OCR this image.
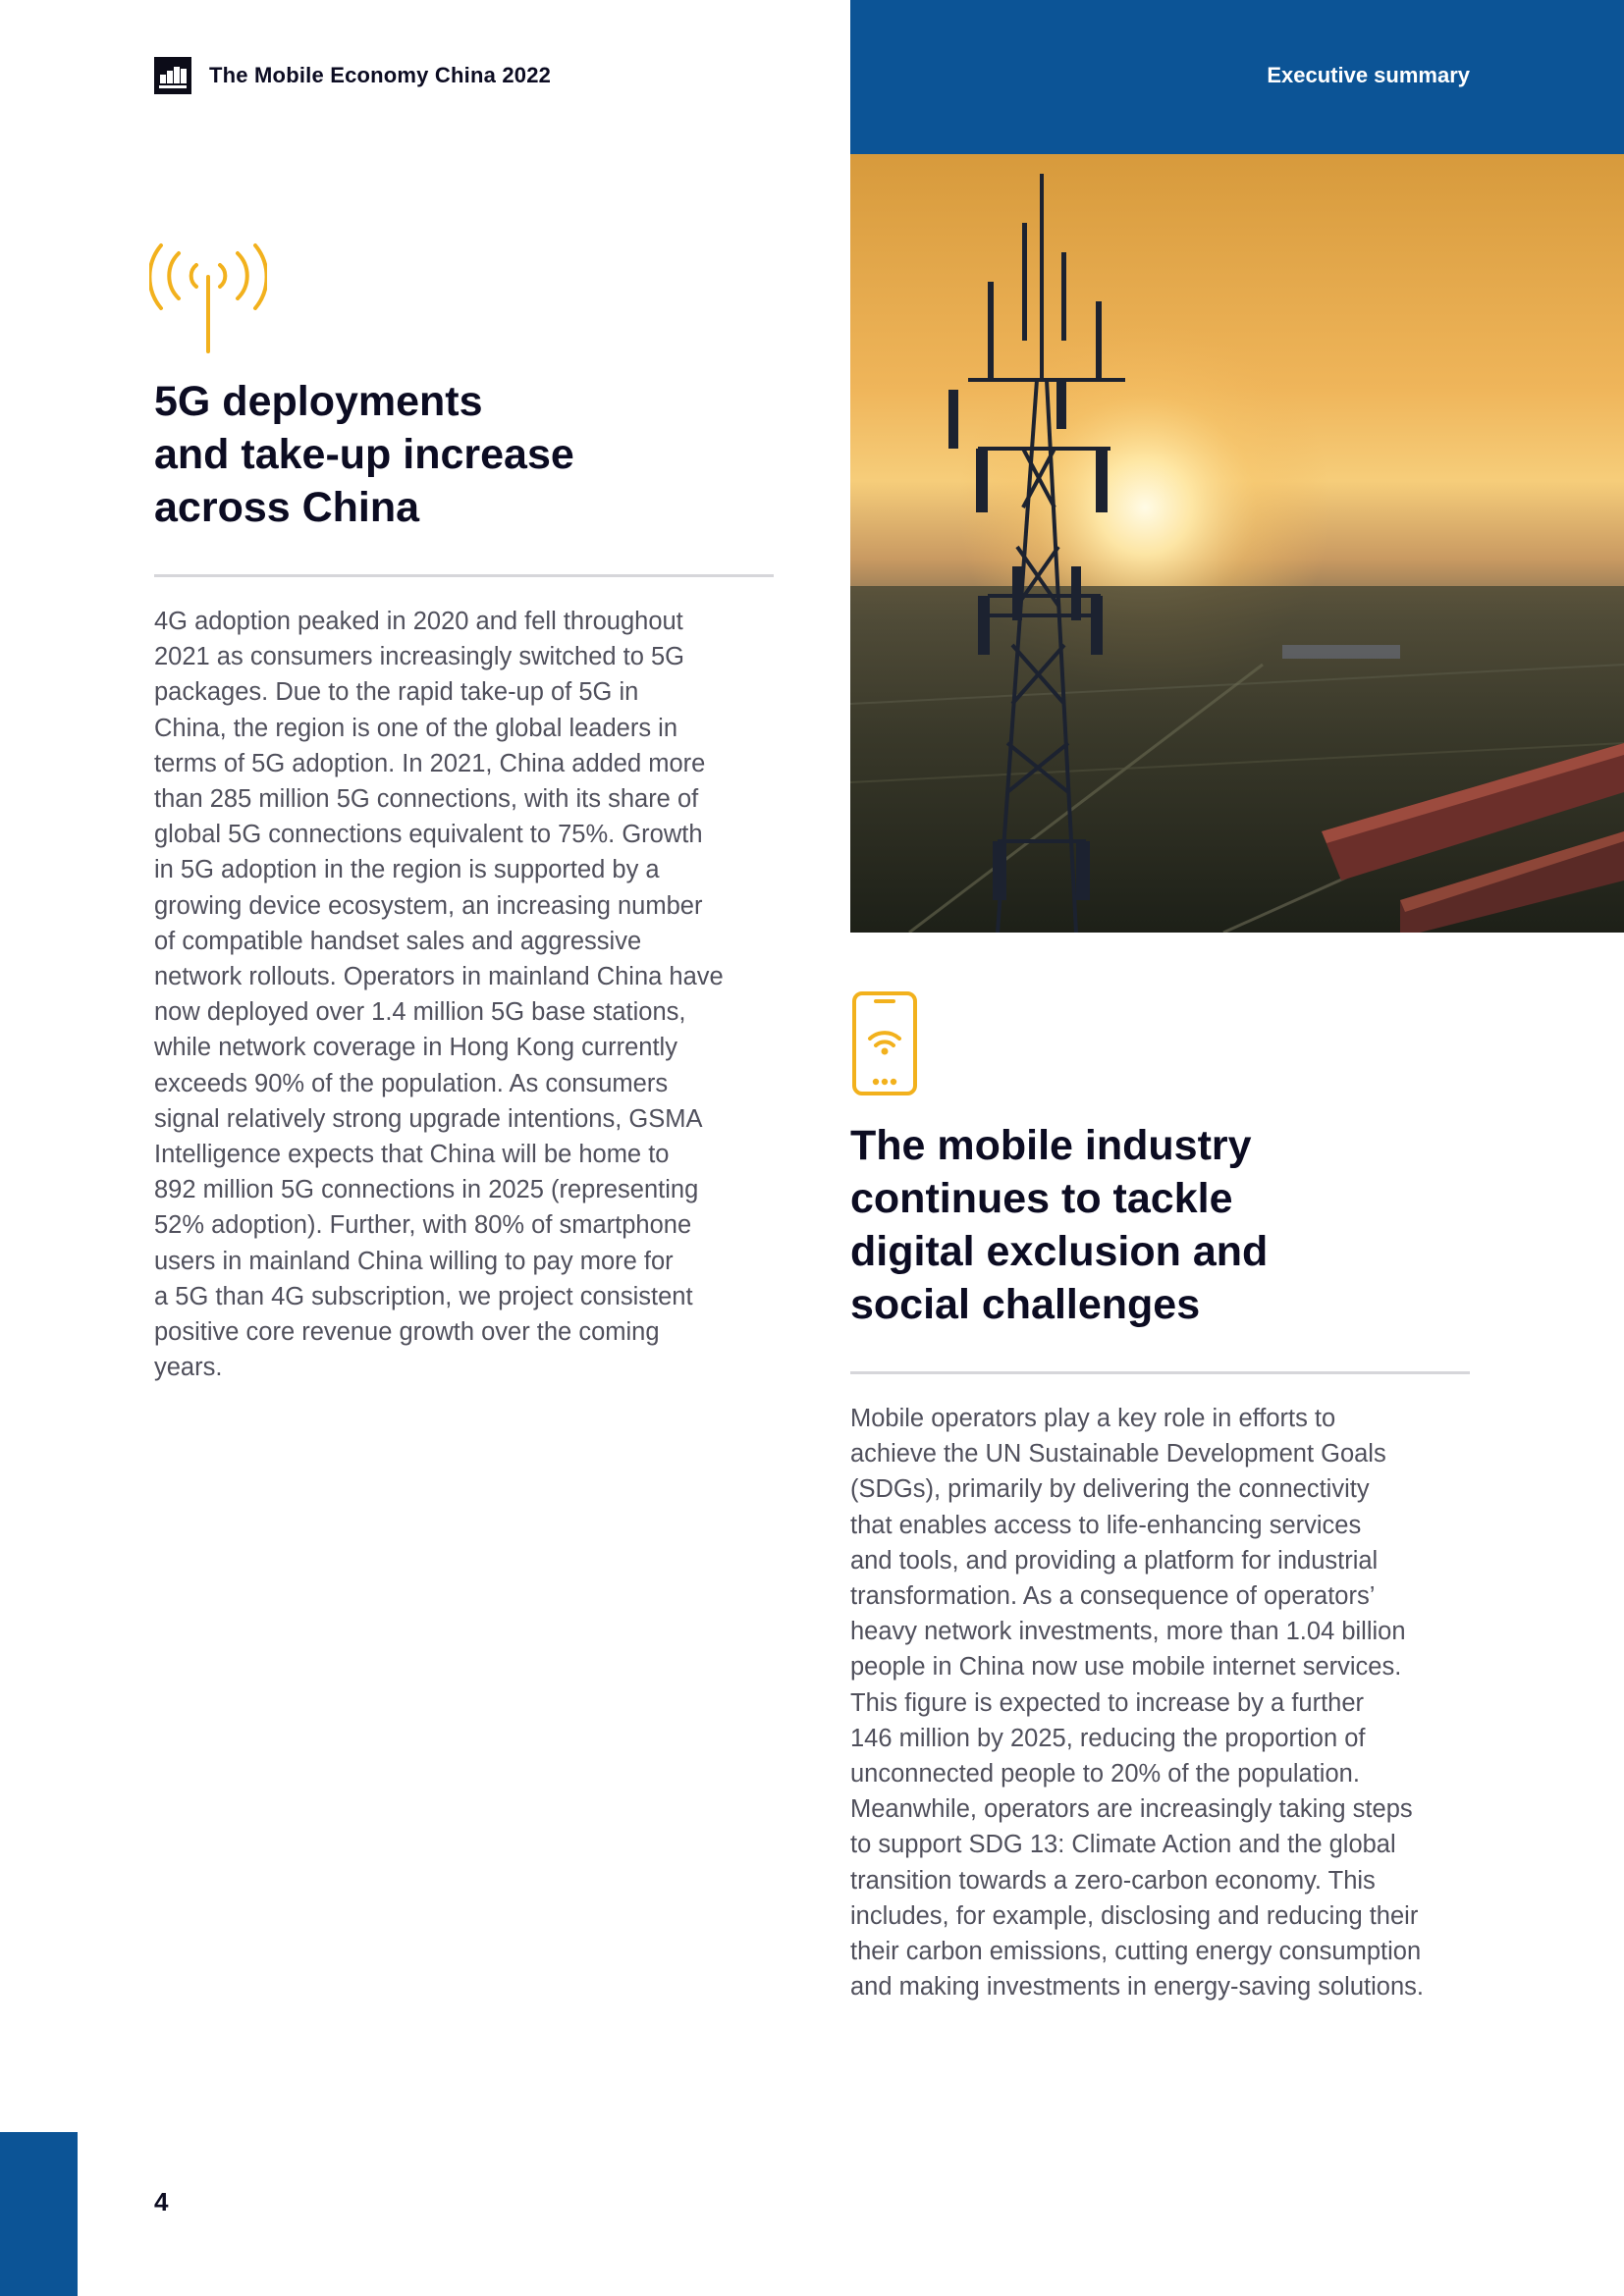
The Mobile Economy China 2022	Executive summary
5G deployments
and take-up increase
across China

4G adoption peaked in 2020 and fell throughout
2021 as consumers increasingly switched to 5G
packages. Due to the rapid take-up of 5G in
China, the region is one of the global leaders in
terms of 5G adoption. In 2021, China added more
than 285 million 5G connections, with its share of
global 5G connections equivalent to 75%. Growth
in 5G adoption in the region is supported by a
growing device ecosystem, an increasing number
of compatible handset sales and aggressive
network rollouts. Operators in mainland China have
now deployed over 1.4 million 5G base stations,
while network coverage in Hong Kong currently
exceeds 90% of the population. As consumers
signal relatively strong upgrade intentions, GSMA
Intelligence expects that China will be home to
892 million 5G connections in 2025 (representing
52% adoption). Further, with 80% of smartphone
users in mainland China willing to pay more for
a 5G than 4G subscription, we project consistent
positive core revenue growth over the coming
years.

The mobile industry
continues to tackle
digital exclusion and
social challenges

Mobile operators play a key role in efforts to
achieve the UN Sustainable Development Goals
(SDGs), primarily by delivering the connectivity
that enables access to life-enhancing services
and tools, and providing a platform for industrial
transformation. As a consequence of operators’
heavy network investments, more than 1.04 billion
people in China now use mobile internet services.
This figure is expected to increase by a further
146 million by 2025, reducing the proportion of
unconnected people to 20% of the population.
Meanwhile, operators are increasingly taking steps
to support SDG 13: Climate Action and the global
transition towards a zero-carbon economy. This
includes, for example, disclosing and reducing their
their carbon emissions, cutting energy consumption
and making investments in energy-saving solutions.

4
